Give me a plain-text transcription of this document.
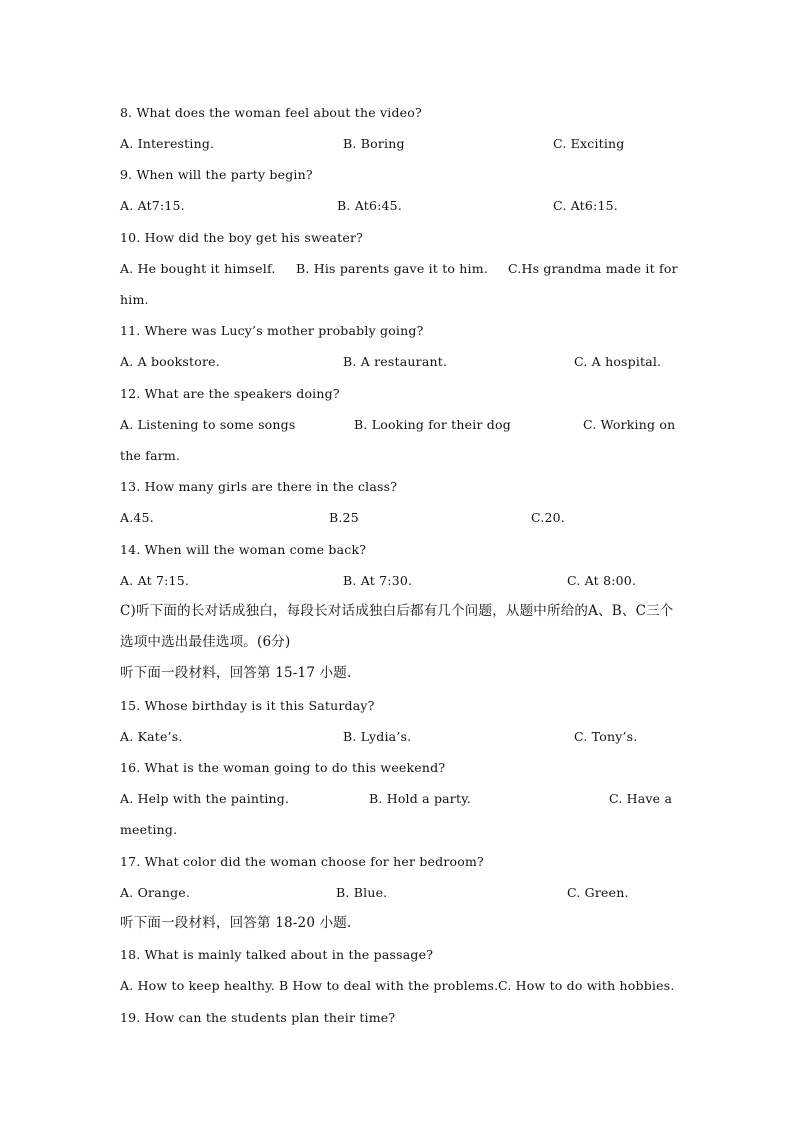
8. What does the woman feel about the video?

A. Interesting.

	B. Boring

	C. Exciting

9. When will the party begin?

A. At7:15.

	B. At6:45.

	C. At6:15.

10. How did the boy get his sweater?

A. He bought it himself.

B. His parents gave it to him.

C.Hs grandma made it for

him.

11. Where was Lucy’s mother probably going?

A. A bookstore.

	B. A restaurant.

	C. A hospital.

12. What are the speakers doing?

A. Listening to some songs

	B. Looking for their dog

	C. Working on

the farm.

13. How many girls are there in the class?

A.45.

	B.25

	C.20.

14. When will the woman come back?

A. At 7:15.

	B. At 7:30.

	C. At 8:00.

C)听下面的长对话成独白，每段长对话成独白后都有几个问题，从题中所给的A、B、C三个

选项中选出最佳选项。(6分)

听下面一段材料，回答第 15-17 小题.

15. Whose birthday is it this Saturday?

A. Kate’s.

	B. Lydia’s.

	C. Tony’s.

16. What is the woman going to do this weekend?

A. Help with the painting.

	B. Hold a party.

	C. Have a

meeting.

17. What color did the woman choose for her bedroom?

A. Orange.

	B. Blue.

	C. Green.

听下面一段材料，回答第 18-20 小题.

18. What is mainly talked about in the passage?

A. How to keep healthy.

B How to deal with the problems.

C. How to do with hobbies.

19. How can the students plan their time?
